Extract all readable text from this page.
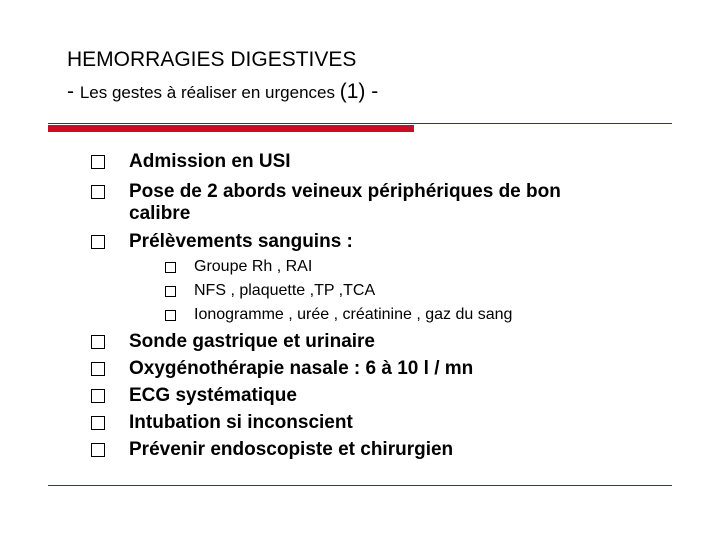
HEMORRAGIES DIGESTIVES
- Les gestes à réaliser en urgences (1) -
Admission en USI
Pose de 2 abords veineux périphériques de bon
calibre
Prélèvements sanguins :
Groupe Rh , RAI
NFS , plaquette ,TP ,TCA
Ionogramme , urée , créatinine , gaz du sang
Sonde gastrique et urinaire
Oxygénothérapie nasale : 6 à 10 l / mn
ECG systématique
Intubation si inconscient
Prévenir endoscopiste et chirurgien
